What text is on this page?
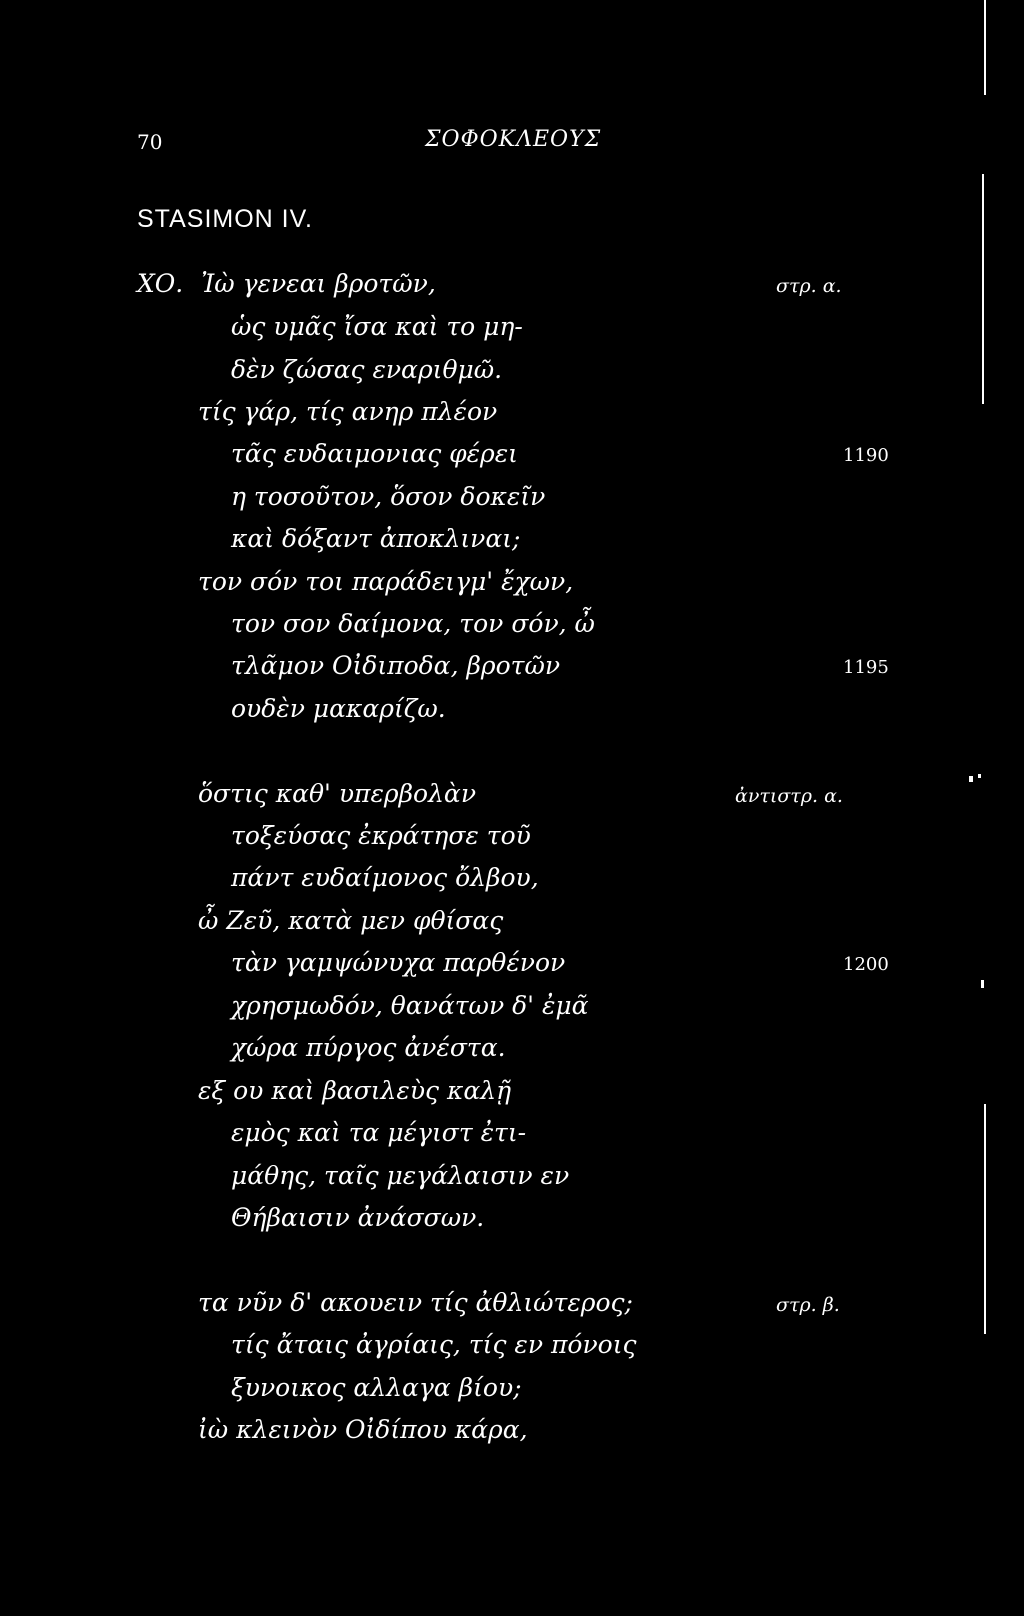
70	ΣΟΦΟΚΛΕΟΥΣ
STASIMON IV.
ΧΟ. Ἰὼ γενεαι βροτῶν,	στρ. α.
ὡς υμᾶς ἴσα καὶ το μη-
δὲν ζώσας εναριθμῶ.
τίς γάρ, τίς ανηρ πλέον
τᾶς ευδαιμονιας φέρει	1190
η τοσοῦτον, ὅσον δοκεῖν
καὶ δόξαντ ἀποκλιναι;
τον σόν τοι παράδειγμ' ἔχων,
τον σον δαίμονα, τον σόν, ὦ
τλᾶμον Οἰδιποδα, βροτῶν	1195
ουδὲν μακαρίζω.
ὅστις καθ' υπερβολὰν	ἀντιστρ. α.
τοξεύσας ἐκράτησε τοῦ
πάντ ευδαίμονος ὄλβου,
ὦ Ζεῦ, κατὰ μεν φθίσας
τὰν γαμψώνυχα παρθένον	1200
χρησμωδόν, θανάτων δ' ἐμᾶ
χώρα πύργος ἀνέστα.
εξ ου καὶ βασιλεὺς καλῇ
εμὸς καὶ τα μέγιστ ἐτι-
μάθης, ταῖς μεγάλαισιν εν
Θήβαισιν ἀνάσσων.
τα νῦν δ' ακουειν τίς ἀθλιώτερος;	στρ. β.
τίς ἄταις ἀγρίαις, τίς εν πόνοις
ξυνοικος αλλαγα βίου;
ἰὼ κλεινὸν Οἰδίπου κάρα,
